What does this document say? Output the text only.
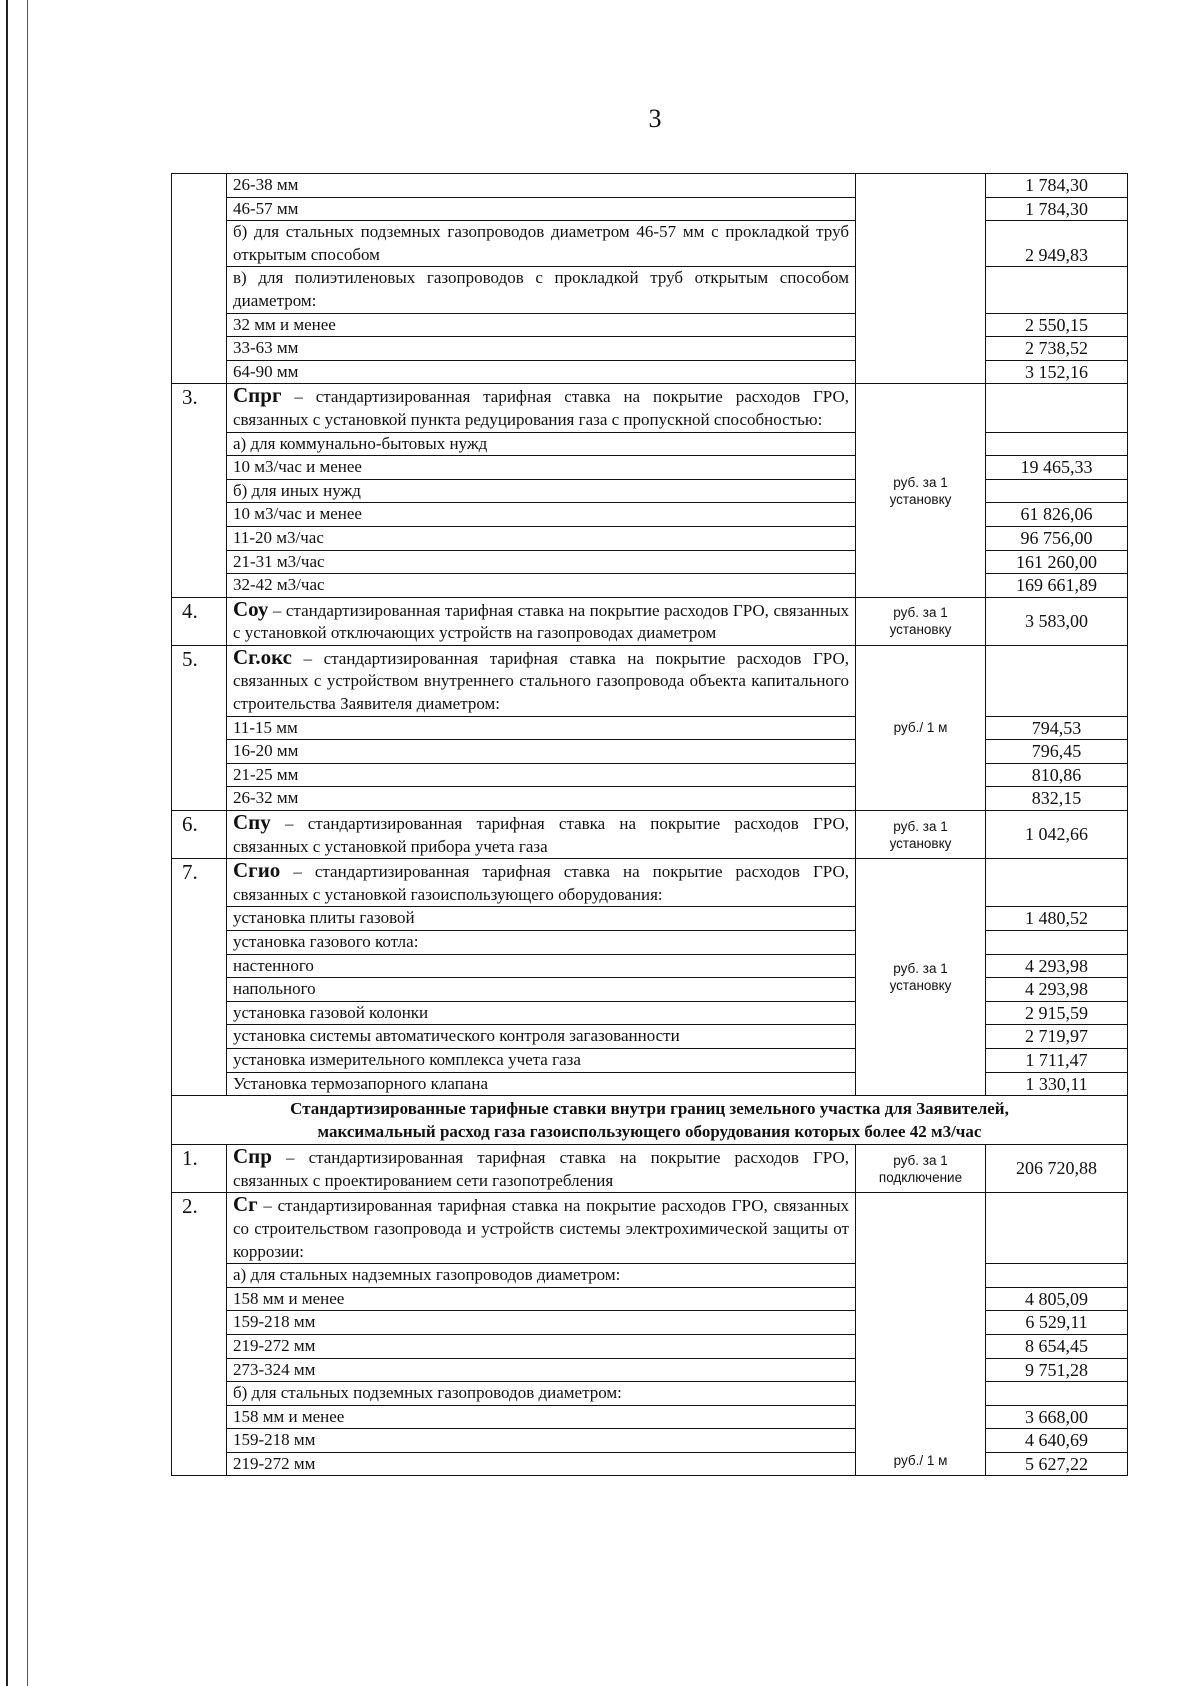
3
	26-38 мм		1 784,30
	46-57 мм		1 784,30
	б) для стальных подземных газопроводов диаметром 46-57 мм с прокладкой труб открытым способом		2 949,83
	в) для полиэтиленовых газопроводов с прокладкой труб открытым способом диаметром:		
	32 мм и менее		2 550,15
	33-63 мм		2 738,52
	64-90 мм		3 152,16
3.	Спрг – стандартизированная тарифная ставка на покрытие расходов ГРО, связанных с установкой пункта редуцирования газа с пропускной способностью:	руб. за 1 установку	
	а) для коммунально-бытовых нужд		
	10 м3/час и менее		19 465,33
	б) для иных нужд		
	10 м3/час и менее		61 826,06
	11-20 м3/час		96 756,00
	21-31 м3/час		161 260,00
	32-42 м3/час		169 661,89
4.	Соу – стандартизированная тарифная ставка на покрытие расходов ГРО, связанных с установкой отключающих устройств на газопроводах диаметром	руб. за 1 установку	3 583,00
5.	Сг.окс – стандартизированная тарифная ставка на покрытие расходов ГРО, связанных с устройством внутреннего стального газопровода объекта капитального строительства Заявителя диаметром:	руб./ 1 м	
	11-15 мм		794,53
	16-20 мм		796,45
	21-25 мм		810,86
	26-32 мм		832,15
6.	Спу – стандартизированная тарифная ставка на покрытие расходов ГРО, связанных с установкой прибора учета газа	руб. за 1 установку	1 042,66
7.	Сгио – стандартизированная тарифная ставка на покрытие расходов ГРО, связанных с установкой газоиспользующего оборудования:	руб. за 1 установку	
	установка плиты газовой		1 480,52
	установка газового котла:		
	настенного		4 293,98
	напольного		4 293,98
	установка газовой колонки		2 915,59
	установка системы автоматического контроля загазованности		2 719,97
	установка измерительного комплекса учета газа		1 711,47
	Установка термозапорного клапана		1 330,11

Стандартизированные тарифные ставки внутри границ земельного участка для Заявителей,
максимальный расход газа газоиспользующего оборудования которых более 42 м3/час			

1.	Спр – стандартизированная тарифная ставка на покрытие расходов ГРО, связанных с проектированием сети газопотребления	руб. за 1 подключение	206 720,88
2.	Сг – стандартизированная тарифная ставка на покрытие расходов ГРО, связанных со строительством газопровода и устройств системы электрохимической защиты от коррозии:	руб./ 1 м	
	а) для стальных надземных газопроводов диаметром:		
	158 мм и менее		4 805,09
	159-218 мм		6 529,11
	219-272 мм		8 654,45
	273-324 мм		9 751,28
	б) для стальных подземных газопроводов диаметром:		
	158 мм и менее		3 668,00
	159-218 мм		4 640,69
	219-272 мм		5 627,22
